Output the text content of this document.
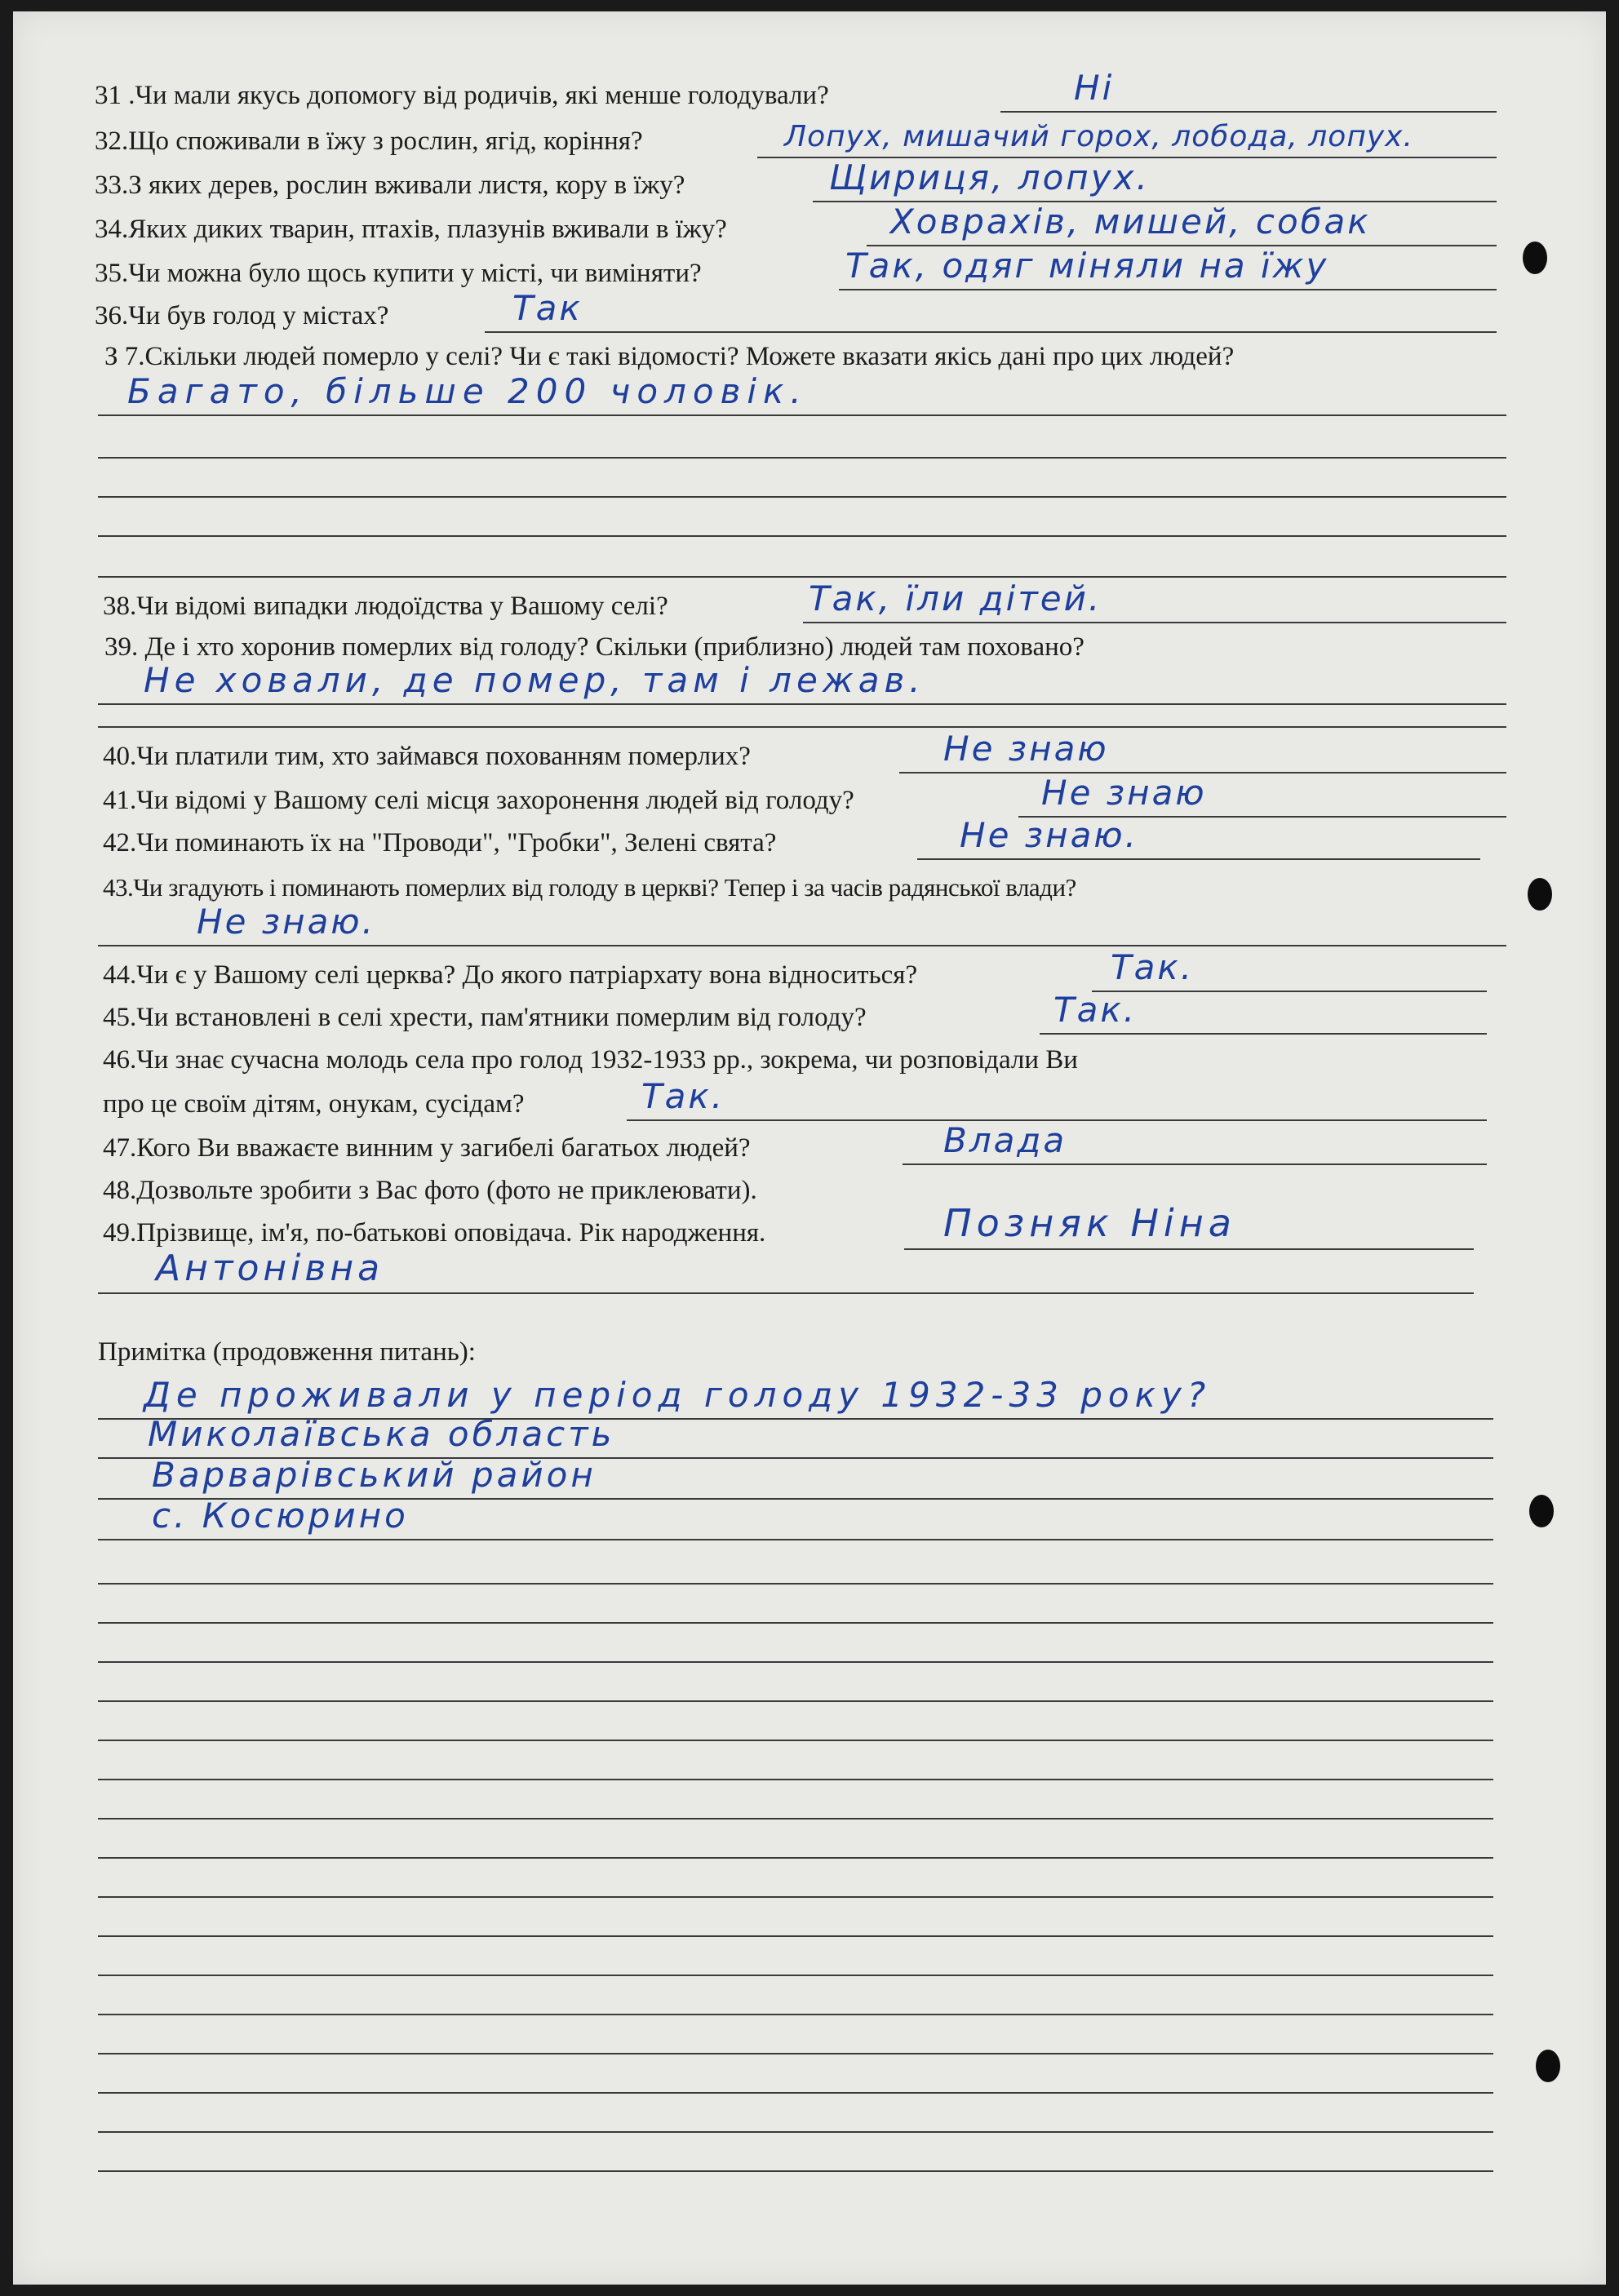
31 .Чи мали якусь допомогу від родичів, які менше голодували?	Ні
32.Що споживали в їжу з рослин, ягід, коріння?	Лопух, мишачий горох, лобода, лопух.
33.З яких дерев, рослин вживали листя, кору в їжу?	Щириця, лопух.
34.Яких диких тварин, птахів, плазунів вживали в їжу?	Ховрахів, мишей, собак
35.Чи можна було щось купити у місті, чи виміняти?	Так, одяг міняли на їжу
36.Чи був голод у містах?	Так
З 7.Скільки людей померло у селі? Чи є такі відомості? Можете вказати якісь дані про цих людей?
Багато, більше 200 чоловік.
38.Чи відомі випадки людоїдства у Вашому селі?	Так, їли дітей.
39. Де і хто хоронив померлих від голоду? Скільки (приблизно) людей там поховано?
Не ховали, де помер, там і лежав.
40.Чи платили тим, хто займався похованням померлих?	Не знаю
41.Чи відомі у Вашому селі місця захоронення людей від голоду?	Не знаю
42.Чи поминають їх на "Проводи", "Гробки", Зелені свята?	Не знаю.
43.Чи згадують і поминають померлих від голоду в церкві? Тепер і за часів радянської влади?
Не знаю.
44.Чи є у Вашому селі церква? До якого патріархату вона відноситься?	Так.
45.Чи встановлені в селі хрести, пам'ятники померлим від голоду?	Так.
46.Чи знає сучасна молодь села про голод 1932-1933 рр., зокрема, чи розповідали Ви
про це своїм дітям, онукам, сусідам?	Так.
47.Кого Ви вважаєте винним у загибелі багатьох людей?	Влада
48.Дозвольте зробити з Вас фото (фото не приклеювати).
49.Прізвище, ім'я, по-батькові оповідача. Рік народження.	Позняк Ніна
Антонівна
Примітка (продовження питань):
Де проживали у період голоду 1932-33 року?
Миколаївська область
Варварівський район
с. Косюрино
